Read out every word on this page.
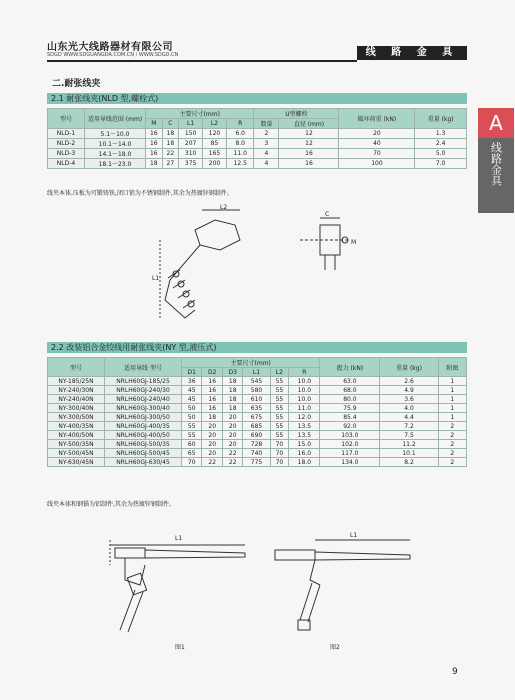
山东光大线路器材有限公司
SDGD WWW.SDGUANGDA.COM.CN / WWW.SDGD.CN	线 路 金 具
A
线路金具
二.耐张线夹
2.1 耐张线夹(NLD 型,螺栓式)
型号	适用导线范围 (mm)	主要尺寸(mm)					U型螺栓		破坏荷重 (kN)	重量 (kg)
		M	C	L1	L2	R	数量	直径 (mm)		
NLD-1	5.1～10.0	16	18	150	120	6.0	2	12	20	1.3
NLD-2	10.1～14.0	16	18	207	85	8.0	3	12	40	2.4
NLD-3	14.1～18.0	16	22	310	165	11.0	4	16	70	5.0
NLD-4	18.1～23.0	18	27	375	200	12.5	4	16	100	7.0
线夹本体,压板为可锻铸铁,闭口销为不锈钢制件,其余为热镀锌钢制件。
L2
L1
C
M
2.2 改装铝合金绞线用耐张线夹(NY 型,液压式)
型号	适用导线 型号	主要尺寸(mm)						握力 (kN)	重量 (kg)	附图
		D1	D2	D3	L1	L2	R			
NY-185/25N	NRLH60GJ-185/25	36	16	18	545	55	10.0	63.0	2.6	1
NY-240/30N	NRLH60GJ-240/30	45	16	18	580	55	10.0	68.0	4.9	1
NY-240/40N	NRLH60GJ-240/40	45	16	18	610	55	10.0	80.0	3.6	1
NY-300/40N	NRLH60GJ-300/40	50	16	18	635	55	11.0	75.9	4.0	1
NY-300/50N	NRLH60GJ-300/50	50	18	20	675	55	12.0	85.4	4.4	1
NY-400/35N	NRLH60GJ-400/35	55	20	20	685	55	13.5	92.0	7.2	2
NY-400/50N	NRLH60GJ-400/50	55	20	20	690	55	13.5	103.0	7.5	2
NY-500/35N	NRLH60GJ-500/35	60	20	20	728	70	15.0	102.0	11.2	2
NY-500/45N	NRLH60GJ-500/45	65	20	22	740	70	16.0	117.0	10.1	2
NY-630/45N	NRLH60GJ-630/45	70	22	22	775	70	18.0	134.0	8.2	2
线夹本体和钢锚为铝制件,其余为热镀锌钢制件。
L1
图1
L1
图2
9
